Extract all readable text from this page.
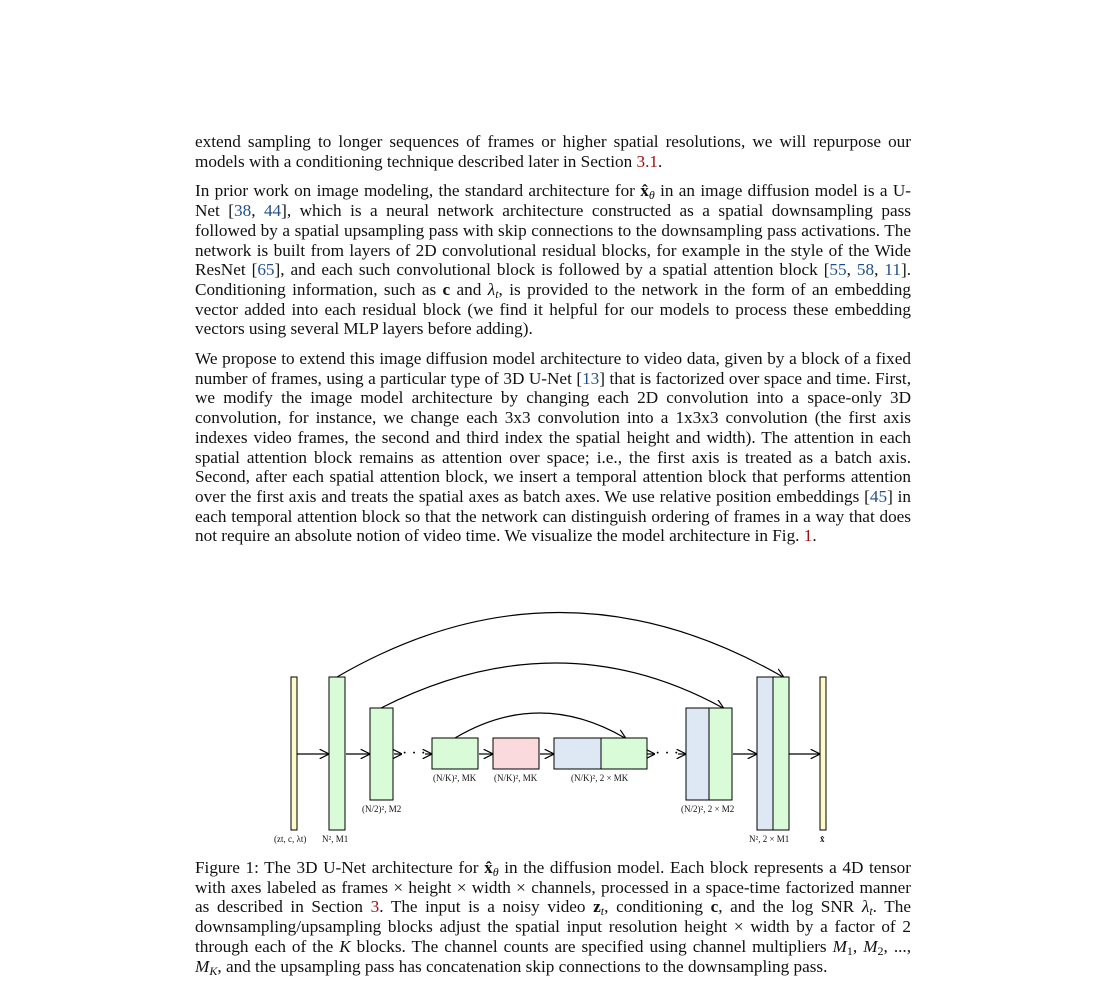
extend sampling to longer sequences of frames or higher spatial resolutions, we will repurpose our models with a conditioning technique described later in Section 3.1.

In prior work on image modeling, the standard architecture for $x̂_\theta$ in an image diffusion model is a U-Net [38, 44], which is a neural network architecture constructed as a spatial downsampling pass followed by a spatial upsampling pass with skip connections to the downsampling pass activations. The network is built from layers of 2D convolutional residual blocks, for example in the style of the Wide ResNet [65], and each such convolutional block is followed by a spatial attention block [55, 58, 11]. Conditioning information, such as c and $\lambda_t$, is provided to the network in the form of an embedding vector added into each residual block (we find it helpful for our models to process these embedding vectors using several MLP layers before adding).

We propose to extend this image diffusion model architecture to video data, given by a block of a fixed number of frames, using a particular type of 3D U-Net [13] that is factorized over space and time. First, we modify the image model architecture by changing each 2D convolution into a space-only 3D convolution, for instance, we change each 3x3 convolution into a 1x3x3 convolution (the first axis indexes video frames, the second and third index the spatial height and width). The attention in each spatial attention block remains as attention over space; i.e., the first axis is treated as a batch axis. Second, after each spatial attention block, we insert a temporal attention block that performs attention over the first axis and treats the spatial axes as batch axes. We use relative position embeddings [45] in each temporal attention block so that the network can distinguish ordering of frames in a way that does not require an absolute notion of video time. We visualize the model architecture in Fig. 1.

· · ·	· · ·
(zt, c, λt) N², M1
(N/2)², M2
(N/K)², MK (N/K)², MK	(N/K)², 2 × MK
(N/2)², 2 × M2
N², 2 × M1	x̂

Figure 1: The 3D U-Net architecture for $x̂_\theta$ in the diffusion model. Each block represents a 4D tensor with axes labeled as frames × height × width × channels, processed in a space-time factorized manner as described in Section 3. The input is a noisy video $z_t$, conditioning c, and the log SNR $\lambda_t$. The downsampling/upsampling blocks adjust the spatial input resolution height × width by a factor of 2 through each of the K blocks. The channel counts are specified using channel multipliers $M_1$, $M_2$, ..., $M_K$, and the upsampling pass has concatenation skip connections to the downsampling pass.
